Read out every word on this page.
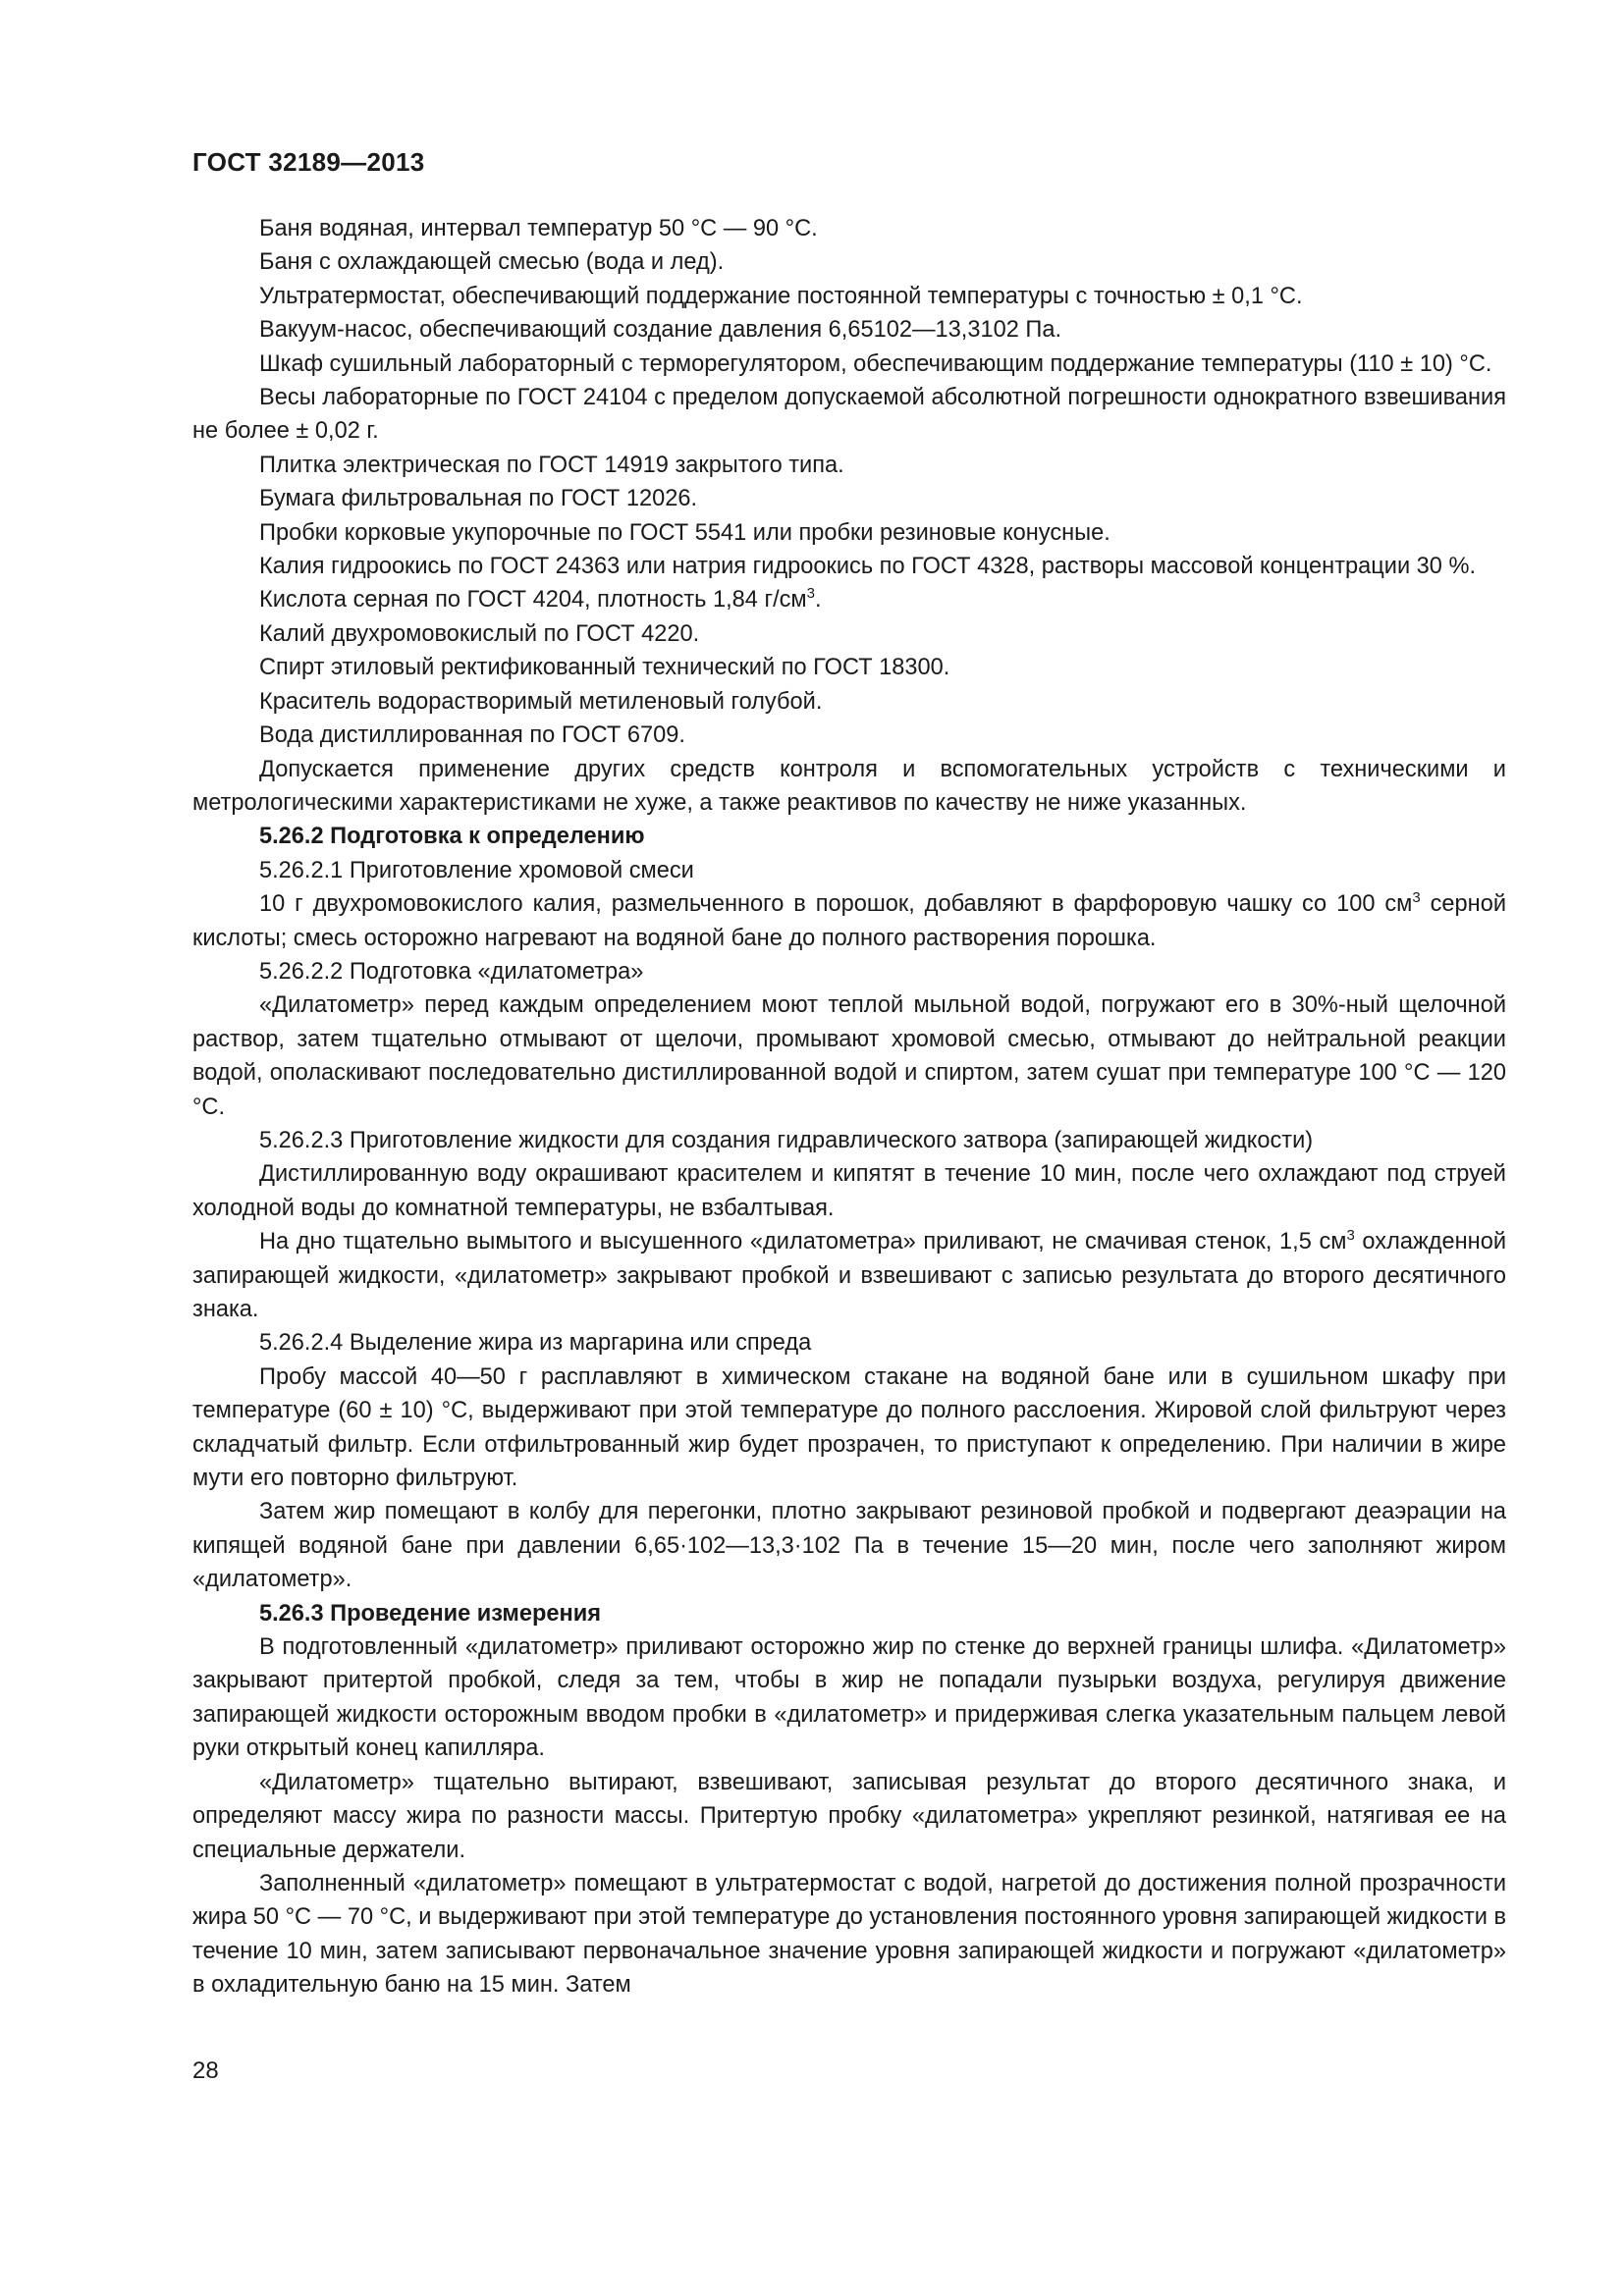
ГОСТ 32189—2013

Баня водяная, интервал температур 50 °С — 90 °С.

Баня с охлаждающей смесью (вода и лед).

Ультратермостат, обеспечивающий поддержание постоянной температуры с точностью ± 0,1 °С.

Вакуум-насос, обеспечивающий создание давления 6,65102—13,3102 Па.

Шкаф сушильный лабораторный с терморегулятором, обеспечивающим поддержание температуры (110 ± 10) °С.

Весы лабораторные по ГОСТ 24104 с пределом допускаемой абсолютной погрешности однократного взвешивания не более ± 0,02 г.

Плитка электрическая по ГОСТ 14919 закрытого типа.

Бумага фильтровальная по ГОСТ 12026.

Пробки корковые укупорочные по ГОСТ 5541 или пробки резиновые конусные.

Калия гидроокись по ГОСТ 24363 или натрия гидроокись по ГОСТ 4328, растворы массовой концентрации 30 %.

Кислота серная по ГОСТ 4204, плотность 1,84 $г/см^3$.

Калий двухромовокислый по ГОСТ 4220.

Спирт этиловый ректификованный технический по ГОСТ 18300.

Краситель водорастворимый метиленовый голубой.

Вода дистиллированная по ГОСТ 6709.

Допускается применение других средств контроля и вспомогательных устройств с техническими и метрологическими характеристиками не хуже, а также реактивов по качеству не ниже указанных.

5.26.2 Подготовка к определению

5.26.2.1 Приготовление хромовой смеси

10 г двухромовокислого калия, размельченного в порошок, добавляют в фарфоровую чашку со 100 $см^3$ серной кислоты; смесь осторожно нагревают на водяной бане до полного растворения порошка.

5.26.2.2 Подготовка «дилатометра»

«Дилатометр» перед каждым определением моют теплой мыльной водой, погружают его в 30%-ный щелочной раствор, затем тщательно отмывают от щелочи, промывают хромовой смесью, отмывают до нейтральной реакции водой, ополаскивают последовательно дистиллированной водой и спиртом, затем сушат при температуре 100 °С — 120 °С.

5.26.2.3 Приготовление жидкости для создания гидравлического затвора (запирающей жидкости)

Дистиллированную воду окрашивают красителем и кипятят в течение 10 мин, после чего охлаждают под струей холодной воды до комнатной температуры, не взбалтывая.

На дно тщательно вымытого и высушенного «дилатометра» приливают, не смачивая стенок, 1,5 $см^3$ охлажденной запирающей жидкости, «дилатометр» закрывают пробкой и взвешивают с записью результата до второго десятичного знака.

5.26.2.4 Выделение жира из маргарина или спреда

Пробу массой 40—50 г расплавляют в химическом стакане на водяной бане или в сушильном шкафу при температуре (60 ± 10) °С, выдерживают при этой температуре до полного расслоения. Жировой слой фильтруют через складчатый фильтр. Если отфильтрованный жир будет прозрачен, то приступают к определению. При наличии в жире мути его повторно фильтруют.

Затем жир помещают в колбу для перегонки, плотно закрывают резиновой пробкой и подвергают деаэрации на кипящей водяной бане при давлении 6,65·102—13,3·102 Па в течение 15—20 мин, после чего заполняют жиром «дилатометр».

5.26.3 Проведение измерения

В подготовленный «дилатометр» приливают осторожно жир по стенке до верхней границы шлифа. «Дилатометр» закрывают притертой пробкой, следя за тем, чтобы в жир не попадали пузырьки воздуха, регулируя движение запирающей жидкости осторожным вводом пробки в «дилатометр» и придерживая слегка указательным пальцем левой руки открытый конец капилляра.

«Дилатометр» тщательно вытирают, взвешивают, записывая результат до второго десятичного знака, и определяют массу жира по разности массы. Притертую пробку «дилатометра» укрепляют резинкой, натягивая ее на специальные держатели.

Заполненный «дилатометр» помещают в ультратермостат с водой, нагретой до достижения полной прозрачности жира 50 °С — 70 °С, и выдерживают при этой температуре до установления постоянного уровня запирающей жидкости в течение 10 мин, затем записывают первоначальное значение уровня запирающей жидкости и погружают «дилатометр» в охладительную баню на 15 мин. Затем

28
